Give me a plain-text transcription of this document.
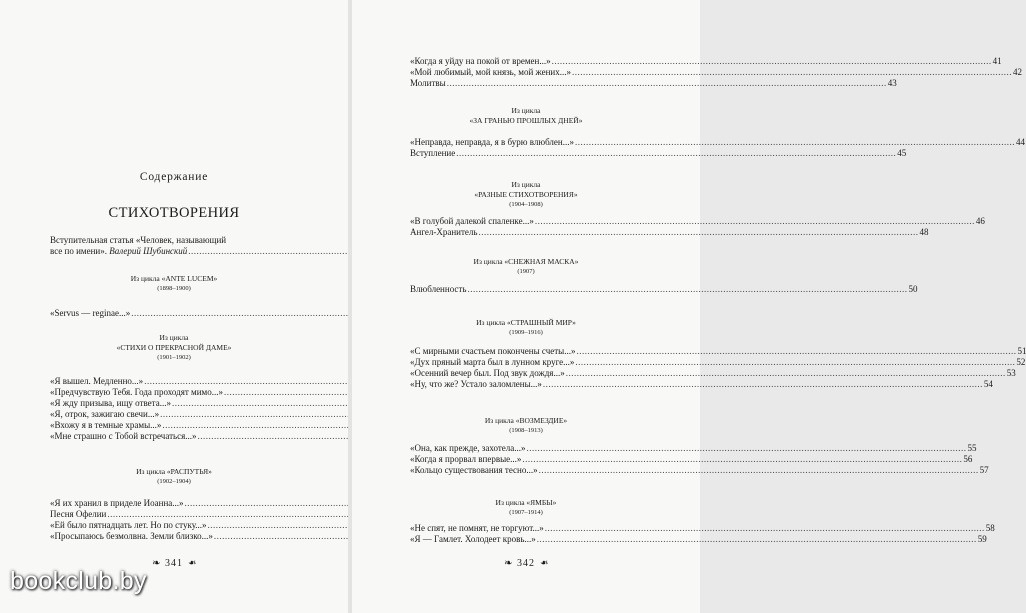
Содержание
СТИХОТВОРЕНИЯ
Вступительная статья «Человек, называющий
все по имени». Валерий Шубинский
.....
Из цикла «ANTE LUCEM»
(1898–1900)
«Servus — reginae...»
.....
Из цикла
«СТИХИ О ПРЕКРАСНОЙ ДАМЕ»
(1901–1902)
«Я вышел. Медленно...»
.....
«Предчувствую Тебя. Года проходят мимо...»
.....
«Я жду призыва, ищу ответа...»
.....
«Я, отрок, зажигаю свечи...»
.....
«Вхожу я в темные храмы...»
.....
«Мне страшно с Тобой встречаться...»
.....
Из цикла «РАСПУТЬЯ»
(1902–1904)
«Я их хранил в приделе Иоанна...»
.....
Песня Офелии
.....
«Ей было пятнадцать лет. Но по стуку...»
.....
«Просыпаюсь безмолвна. Земли близко...»
.....
❧ 341 ❧
«Когда я уйду на покой от времен...» .....	41
«Мой любимый, мой князь, мой жених...» .....	42
Молитвы .....	43
Из цикла
«ЗА ГРАНЬЮ ПРОШЛЫХ ДНЕЙ»
«Неправда, неправда, я в бурю влюблен...» .....	44
Вступление .....	45
Из цикла
«РАЗНЫЕ СТИХОТВОРЕНИЯ»
(1904–1908)
«В голубой далекой спаленке...» .....	46
Ангел-Хранитель .....	48
Из цикла «СНЕЖНАЯ МАСКА»
(1907)
Влюбленность .....	50
Из цикла «СТРАШНЫЙ МИР»
(1909–1916)
«С мирными счастьем покончены счеты...» .....	51
«Дух пряный марта был в лунном круге...» .....	52
«Осенний вечер был. Под звук дождя...» .....	53
«Ну, что же? Устало заломлены...» .....	54
Из цикла «ВОЗМЕЗДИЕ»
(1908–1913)
«Она, как прежде, захотела...» .....	55
«Когда я прорвал впервые...» .....	56
«Кольцо существования тесно...» .....	57
Из цикла «ЯМБЫ»
(1907–1914)
«Не спят, не помнят, не торгуют...» .....	58
«Я — Гамлет. Холодеет кровь...» .....	59
❧ 342 ❧
bookclub.by
